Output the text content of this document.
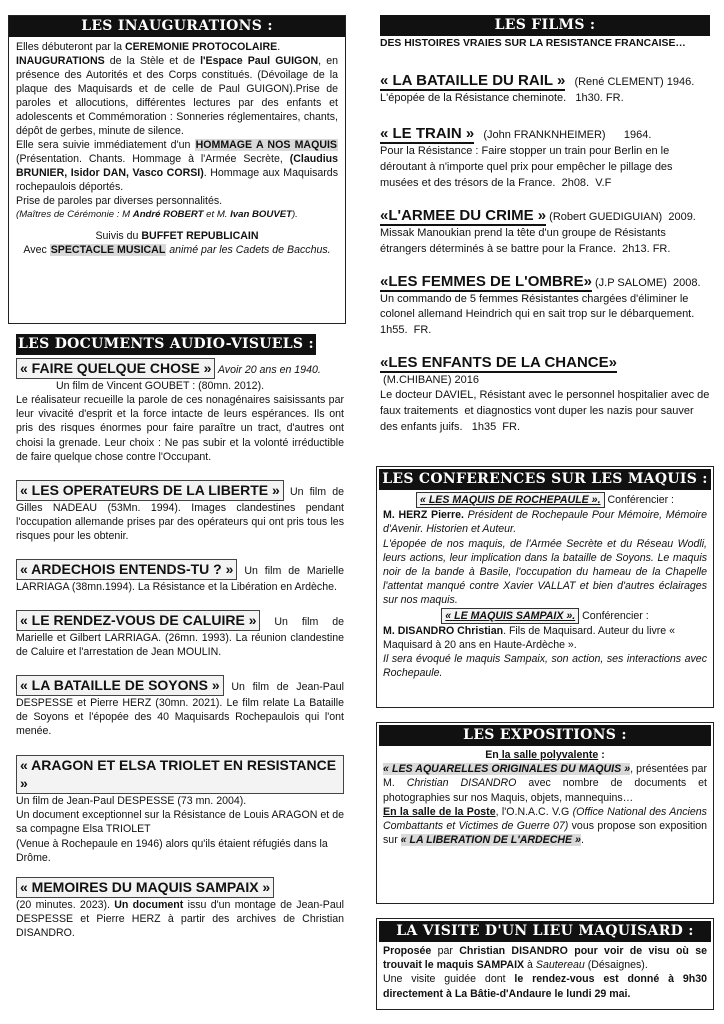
LES INAUGURATIONS :

Elles débuteront par la CEREMONIE PROTOCOLAIRE.

INAUGURATIONS de la Stèle et de l'Espace Paul GUIGON, en présence des Autorités et des Corps constitués. (Dévoilage de la plaque des Maquisards et de celle de Paul GUIGON).Prise de paroles et allocutions, différentes lectures par des enfants et adolescents et Commémoration : Sonneries réglementaires, chants, dépôt de gerbes, minute de silence.

Elle sera suivie immédiatement d'un HOMMAGE A NOS MAQUIS (Présentation. Chants. Hommage à l'Armée Secrète, (Claudius BRUNIER, Isidor DAN, Vasco CORSI). Hommage aux Maquisards rochepaulois déportés.

Prise de paroles par diverses personnalités.

(Maîtres de Cérémonie : M André ROBERT et M. Ivan BOUVET).

Suivis du BUFFET REPUBLICAIN

Avec SPECTACLE MUSICAL animé par les Cadets de Bacchus.

LES DOCUMENTS AUDIO-VISUELS :

« FAIRE QUELQUE CHOSE » Avoir 20 ans en 1940.

Un film de Vincent GOUBET : (80mn. 2012).

Le réalisateur recueille la parole de ces nonagénaires saisissants par leur vivacité d'esprit et la force intacte de leurs espérances. Ils ont pris des risques énormes pour faire paraître un tract, d'autres ont choisi la grenade. Leur choix : Ne pas subir et la volonté irréductible de faire quelque chose contre l'Occupant.

« LES OPERATEURS DE LA LIBERTE » Un film de Gilles NADEAU (53Mn. 1994). Images clandestines pendant l'occupation allemande prises par des opérateurs qui ont pris tous les risques pour les obtenir.

« ARDECHOIS ENTENDS-TU ? » Un film de Marielle LARRIAGA (38mn.1994). La Résistance et la Libération en Ardèche.

« LE RENDEZ-VOUS DE CALUIRE » Un film de Marielle et Gilbert LARRIAGA. (26mn. 1993). La réunion clandestine de Caluire et l'arrestation de Jean MOULIN.

« LA BATAILLE DE SOYONS » Un film de Jean-Paul DESPESSE et Pierre HERZ (30mn. 2021). Le film relate La Bataille de Soyons et l'épopée des 40 Maquisards Rochepaulois qui l'ont menée.

« ARAGON ET ELSA TRIOLET EN RESISTANCE »

Un film de Jean-Paul DESPESSE (73 mn. 2004).

Un document exceptionnel sur la Résistance de Louis ARAGON et de sa compagne Elsa TRIOLET

(Venue à Rochepaule en 1946) alors qu'ils étaient réfugiés dans la Drôme.

« MEMOIRES DU MAQUIS SAMPAIX »

(20 minutes. 2023). Un document issu d'un montage de Jean-Paul DESPESSE et Pierre HERZ à partir des archives de Christian DISANDRO.

LES FILMS :

DES HISTOIRES VRAIES SUR LA RESISTANCE FRANCAISE…

« LA BATAILLE DU RAIL »   (René CLEMENT) 1946.

L'épopée de la Résistance cheminote.   1h30. FR.

« LE TRAIN »   (John FRANKNHEIMER)      1964.

Pour la Résistance : Faire stopper un train pour Berlin en le déroutant à n'importe quel prix pour empêcher le pillage des musées et des trésors de la France.  2h08.  V.F

«L'ARMEE DU CRIME » (Robert GUEDIGUIAN)  2009.

Missak Manoukian prend la tête d'un groupe de Résistants étrangers déterminés à se battre pour la France.  2h13. FR.

«LES FEMMES DE L'OMBRE» (J.P SALOME)  2008.

Un commando de 5 femmes Résistantes chargées d'éliminer le colonel allemand Heindrich qui en sait trop sur le débarquement.   1h55.  FR.

«LES ENFANTS DE LA CHANCE» (M.CHIBANE) 2016

Le docteur DAVIEL, Résistant avec le personnel hospitalier avec de faux traitements  et diagnostics vont duper les nazis pour sauver des enfants juifs.   1h35  FR.

LES CONFERENCES SUR LES MAQUIS :

« LES MAQUIS DE ROCHEPAULE ». Conférencier :

M. HERZ Pierre. Président de Rochepaule Pour Mémoire, Mémoire d'Avenir. Historien et Auteur.

L'épopée de nos maquis, de l'Armée Secrète et du Réseau Wodli, leurs actions, leur implication dans la bataille de Soyons. Le maquis noir de la bande à Basile, l'occupation du hameau de la Chapelle l'attentat manqué contre Xavier VALLAT et bien d'autres éclairages sur nos maquis.

« LE MAQUIS SAMPAIX ». Conférencier :

M. DISANDRO Christian. Fils de Maquisard. Auteur du livre « Maquisard à 20 ans en Haute-Ardèche ».

Il sera évoqué le maquis Sampaix, son action, ses interactions avec Rochepaule.

LES EXPOSITIONS :

En la salle polyvalente :

« LES AQUARELLES ORIGINALES DU MAQUIS », présentées par M. Christian DISANDRO avec nombre de documents et photographies sur nos Maquis, objets, mannequins…

En la salle de la Poste, l'O.N.A.C. V.G (Office National des Anciens Combattants et Victimes de Guerre 07) vous propose son exposition sur « LA LIBERATION DE L'ARDECHE ».

LA VISITE D'UN LIEU MAQUISARD :

Proposée par Christian DISANDRO pour voir de visu où se trouvait le maquis SAMPAIX à Sautereau (Désaignes).

Une visite guidée dont le rendez-vous est donné à 9h30 directement à La Bâtie-d'Andaure le lundi 29 mai.
